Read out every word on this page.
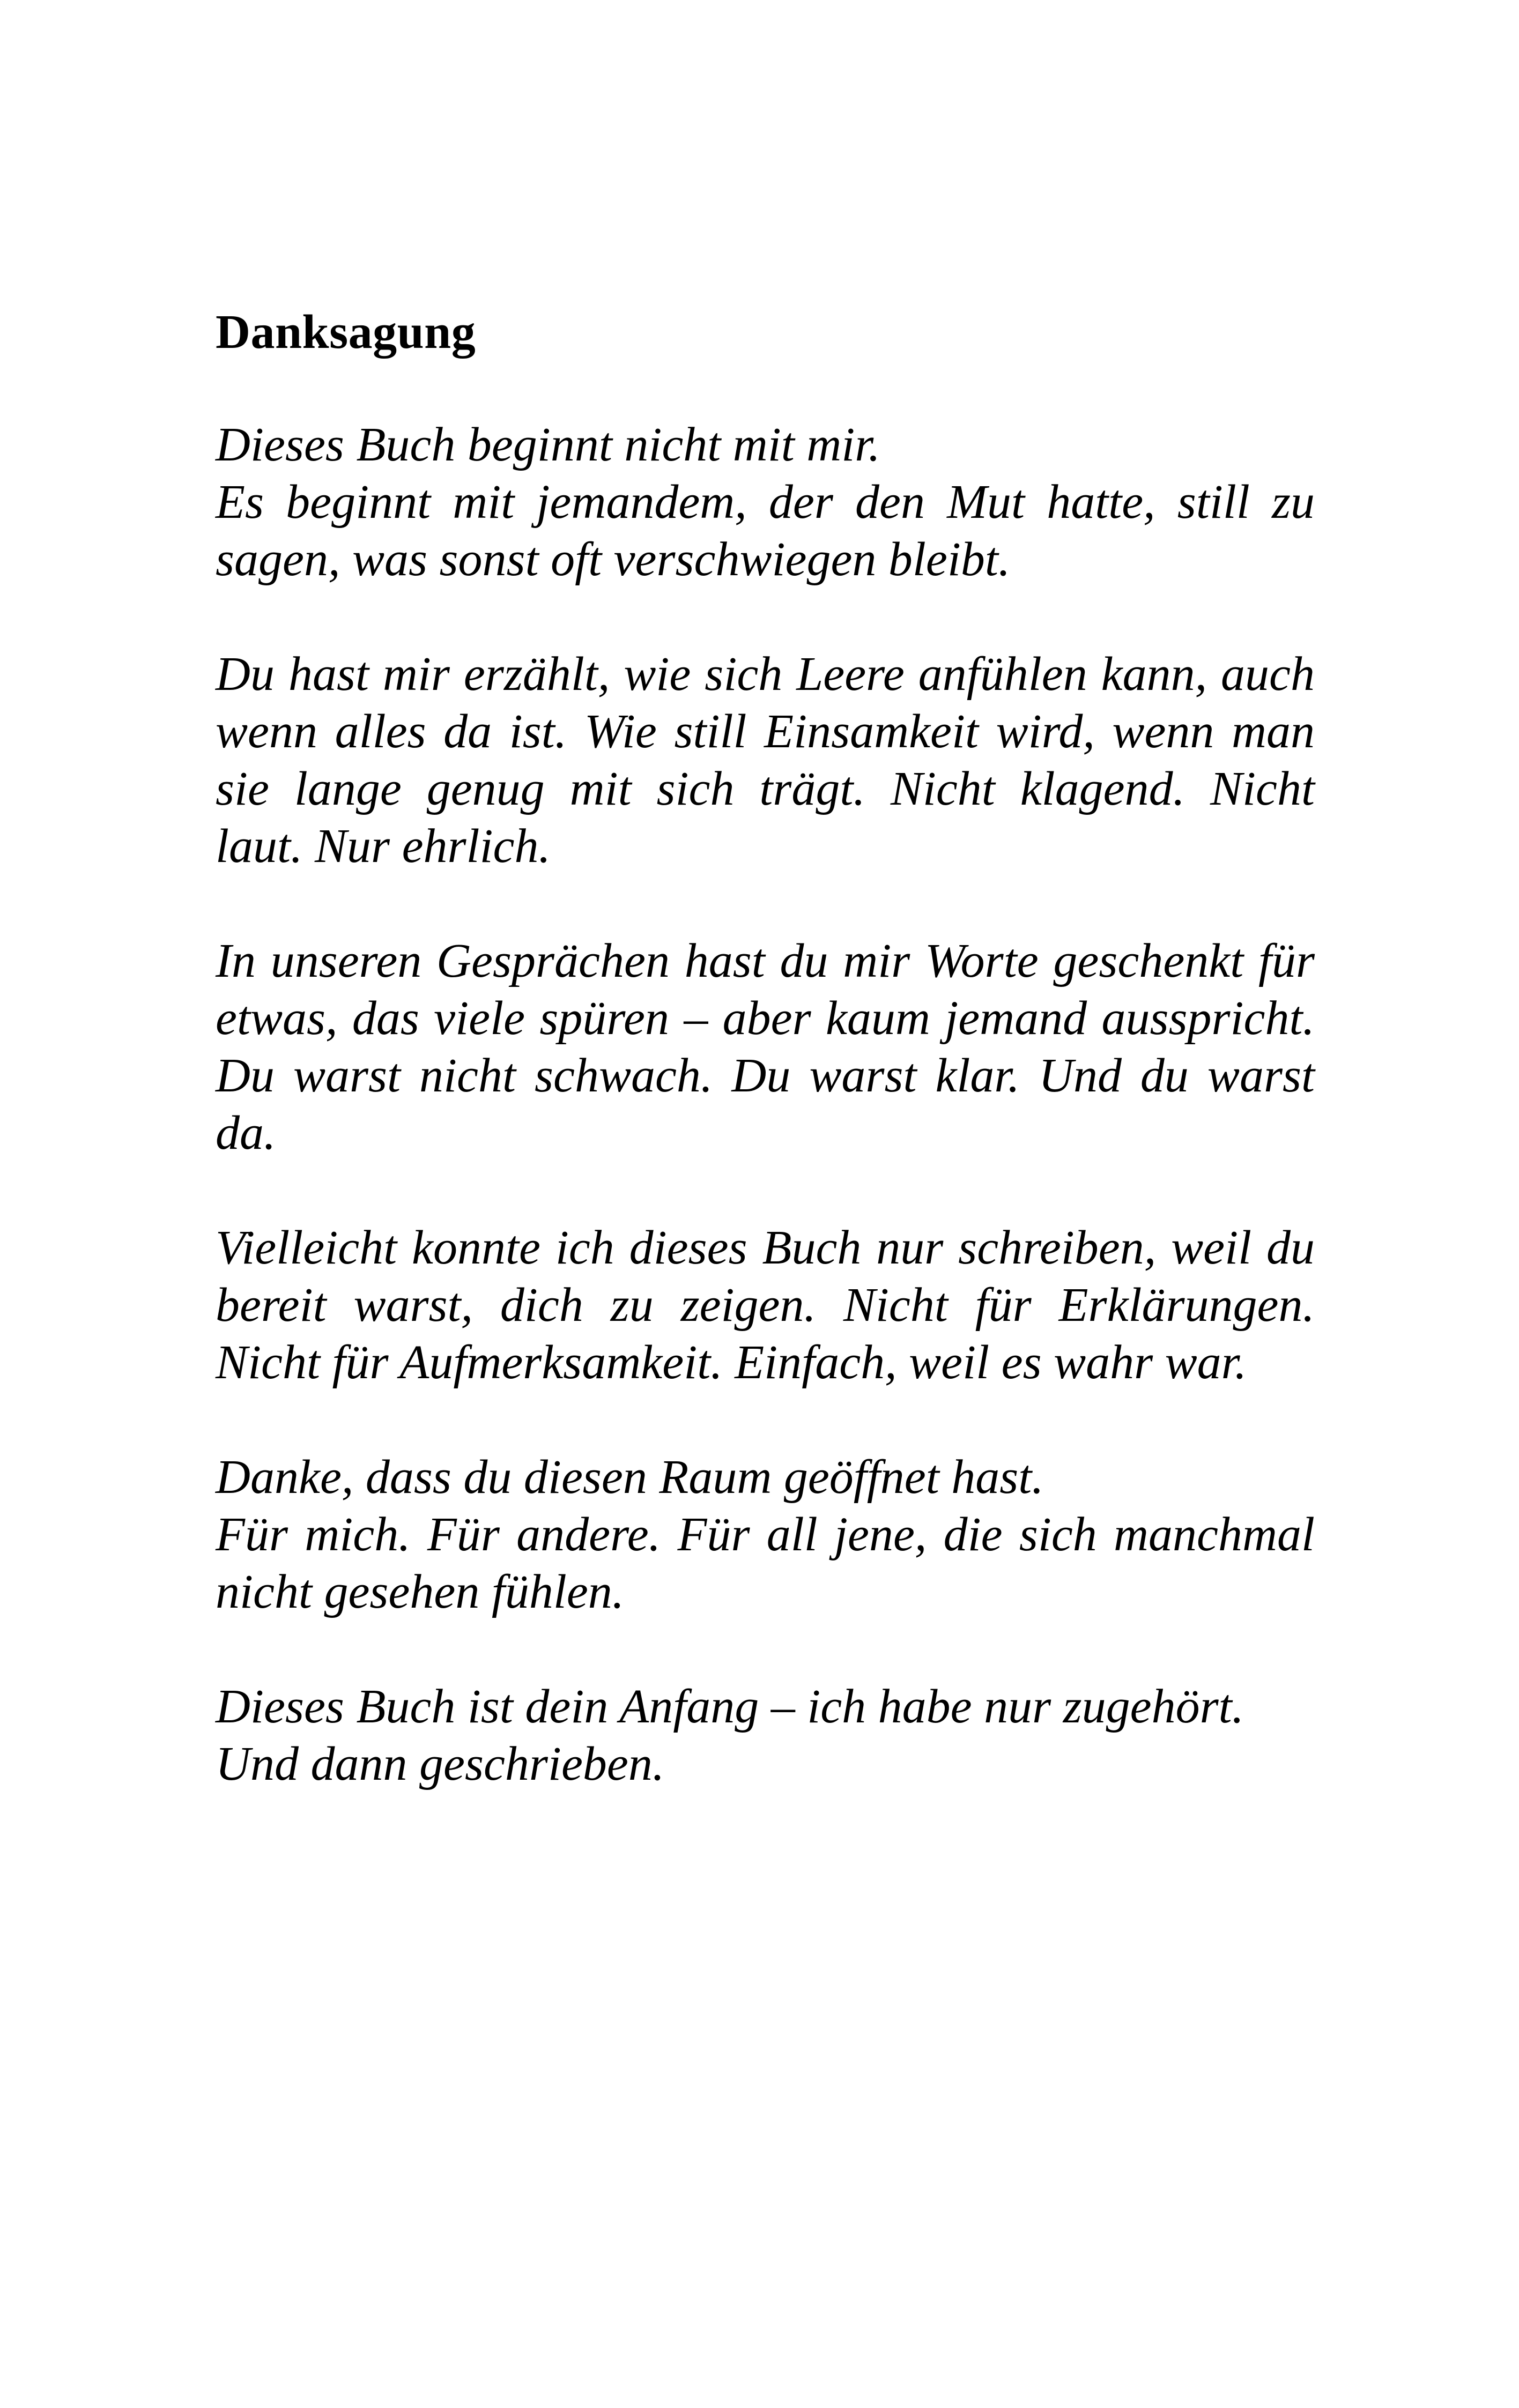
Danksagung
Dieses Buch beginnt nicht mit mir.
Es beginnt mit jemandem, der den Mut hatte, still zu
sagen, was sonst oft verschwiegen bleibt.
Du hast mir erzählt, wie sich Leere anfühlen kann, auch
wenn alles da ist. Wie still Einsamkeit wird, wenn man
sie lange genug mit sich trägt. Nicht klagend. Nicht
laut. Nur ehrlich.
In unseren Gesprächen hast du mir Worte geschenkt für
etwas, das viele spüren – aber kaum jemand ausspricht.
Du warst nicht schwach. Du warst klar. Und du warst
da.
Vielleicht konnte ich dieses Buch nur schreiben, weil du
bereit warst, dich zu zeigen. Nicht für Erklärungen.
Nicht für Aufmerksamkeit. Einfach, weil es wahr war.
Danke, dass du diesen Raum geöffnet hast.
Für mich. Für andere. Für all jene, die sich manchmal
nicht gesehen fühlen.
Dieses Buch ist dein Anfang – ich habe nur zugehört.
Und dann geschrieben.
